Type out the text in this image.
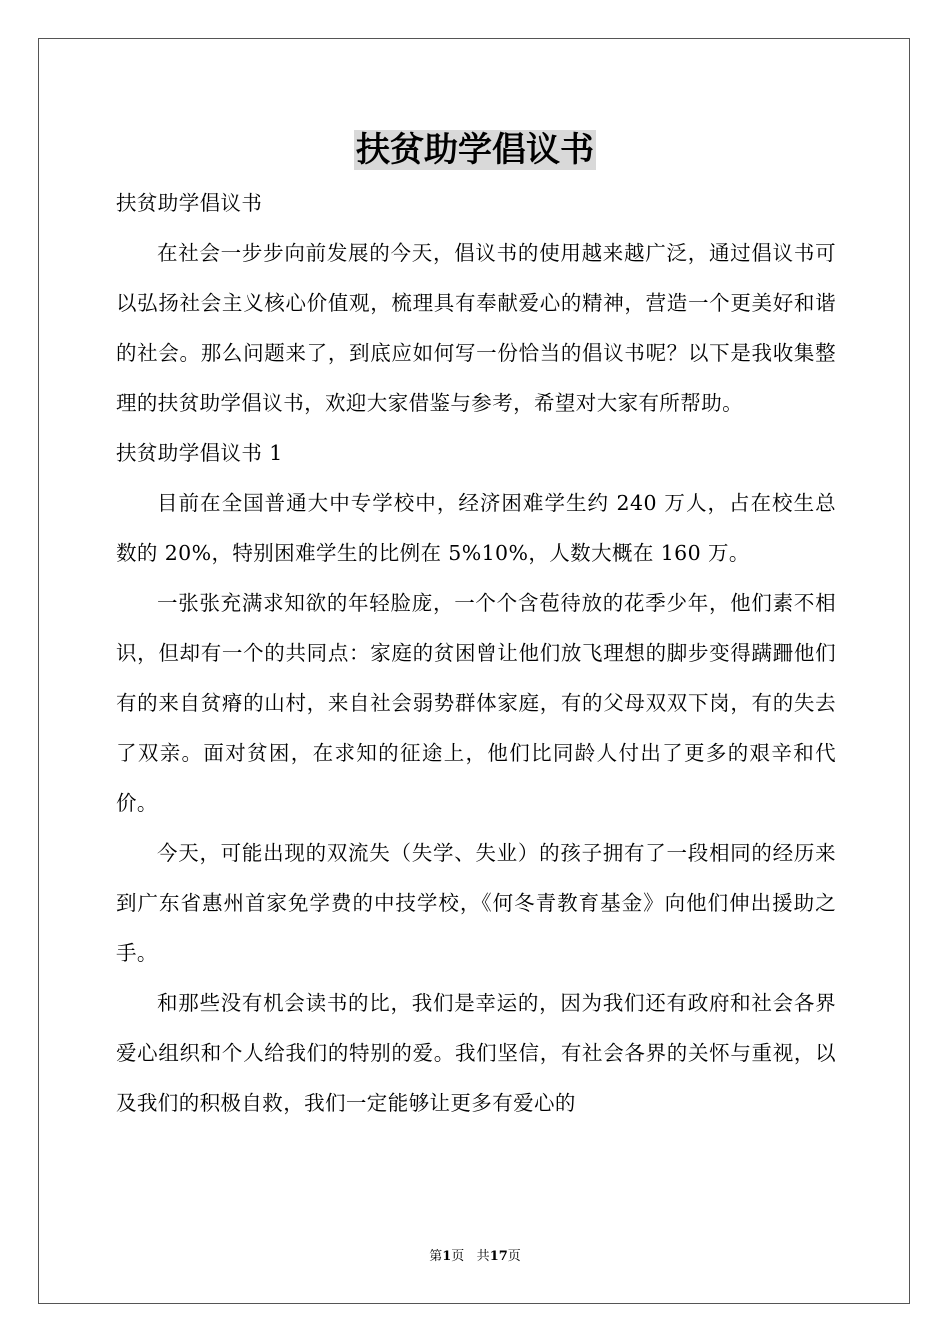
扶贫助学倡议书

扶贫助学倡议书

在社会一步步向前发展的今天，倡议书的使用越来越广泛，通过倡议书可以弘扬社会主义核心价值观，梳理具有奉献爱心的精神，营造一个更美好和谐的社会。那么问题来了，到底应如何写一份恰当的倡议书呢？以下是我收集整理的扶贫助学倡议书，欢迎大家借鉴与参考，希望对大家有所帮助。

扶贫助学倡议书 1

目前在全国普通大中专学校中，经济困难学生约 240 万人，占在校生总数的 20%，特别困难学生的比例在 5%10%，人数大概在 160 万。

一张张充满求知欲的年轻脸庞，一个个含苞待放的花季少年，他们素不相识，但却有一个的共同点：家庭的贫困曾让他们放飞理想的脚步变得蹒跚他们有的来自贫瘠的山村，来自社会弱势群体家庭，有的父母双双下岗，有的失去了双亲。面对贫困，在求知的征途上，他们比同龄人付出了更多的艰辛和代价。

今天，可能出现的双流失（失学、失业）的孩子拥有了一段相同的经历来到广东省惠州首家免学费的中技学校，《何冬青教育基金》向他们伸出援助之手。

和那些没有机会读书的比，我们是幸运的，因为我们还有政府和社会各界爱心组织和个人给我们的特别的爱。我们坚信，有社会各界的关怀与重视，以及我们的积极自救，我们一定能够让更多有爱心的

第1页 共17页
